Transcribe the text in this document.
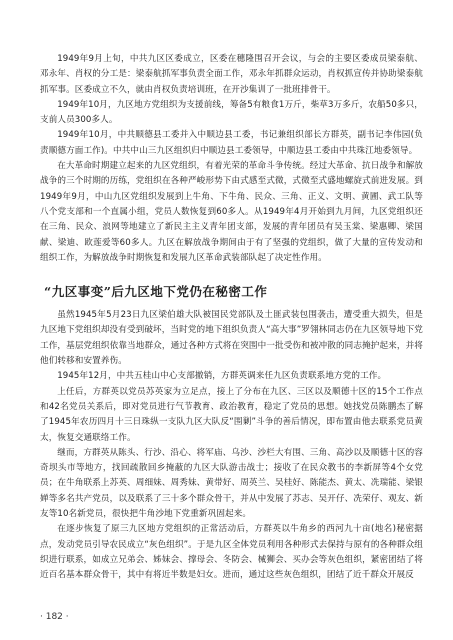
1949年9月上旬，中共九区区委成立，区委在穗隆围召开会议，与会的主要区委成员梁泰航、邓永年、肖权的分工是：梁泰航抓军事负责全面工作，邓永年抓群众运动，肖权抓宣传并协助梁泰航抓军事。区委成立不久，就由肖权负责培训班，在开沙集训了一批班排骨干。

1949年10月，九区地方党组织为支援前线，筹备5有粮食1万斤，柴草3万多斤，农船50多只，支前人员300多人。

1949年10月，中共顺德县工委并入中顺边县工委，书记兼组织部长方群英，副书记李伟园(负责顺德方面工作)。中共中山三九区组织归中顺边县工委领导，中顺边县工委由中共珠江地委领导。

在大革命时期建立起来的九区党组织，有着光荣的革命斗争传统。经过大革命、抗日战争和解放战争的三个时期的历练，党组织在各种严峻形势下由式感至式微，式微至式盛地螺旋式前进发展。到1949年9月，中山九区党组织发展到上牛角、下牛角、民众、三角、正义、文明、黄圃、武工队等八个党支部和一个直属小组，党员人数恢复到60多人。从1949年4月开始到九月间，九区党组织还在三角、民众、浪网等地建立了新民主主义青年团支部，发展的青年团员有吴玉棠、梁惠卿、梁国献、梁迪、欧莲爱等60多人。九区在解放战争期间由于有了坚强的党组织，做了大量的宣传发动和组织工作，为解放战争时期恢复和发展九区革命武装部队起了决定性作用。

“九区事变”后九区地下党仍在秘密工作

虽然1945年5月23日九区梁伯雄大队被国民党部队及土匪武装包围袭击，遭受重大损失，但是九区地下党组织却没有受到破坏，当时党的地下组织负责人“高大事”罗翎林同志仍在九区领导地下党工作，基层党组织依靠当地群众，通过各种方式将在突围中一批受伤和被冲散的同志掩护起来，并将他们转移和安置养伤。

1945年12月，中共五桂山中心支部撤销，方群英调来任九区负责联系地方党的工作。

上任后，方群英以党员苏英家为立足点，接上了分布在九区、三区以及顺德十区的15个工作点和42名党员关系后，即对党员进行气节教育、政治教育，稳定了党员的思想。她找党员陈鹏杰了解了1945年农历四月十三日珠纵一支队九区大队反“围剿”斗争的善后情况，即布置由他去联系党员黄太，恢复交通联络工作。

继而，方群英从陈头、行沙、沿心、将军庙、乌沙、沙栏大有围、三角、高沙以及顺德十区的容奇坝头市等地方，找回疏散回乡掩蔽的九区大队游击战士；接收了在民众教书的李新屏等4个女党员；在牛角联系上苏英、周细妹、周秀妹、黄带好、周英兰、吴桂好、陈能杰、黄太、冼瑞能、梁银婵等多名共产党员，以及联系了三十多个群众骨干，并从中发展了苏志、吴开仔、冼荣仔、观友、新友等10名新党员，很快把牛角沙地下党重新巩固起来。

在逐步恢复了原三九区地方党组织的正常活动后，方群英以牛角乡的西河九十亩(地名)秘密据点，发动党员引导农民成立“灰色组织”。于是九区全体党员利用各种形式去保持与原有的各种群众组织进行联系，如成立兄弟会、姊妹会、撑母会、冬防会、械狮会、买办会等灰色组织，紧密团结了将近百名基本群众骨干，其中有将近半数是妇女。进而，通过这些灰色组织，团结了近千群众开展反

· 182 ·
